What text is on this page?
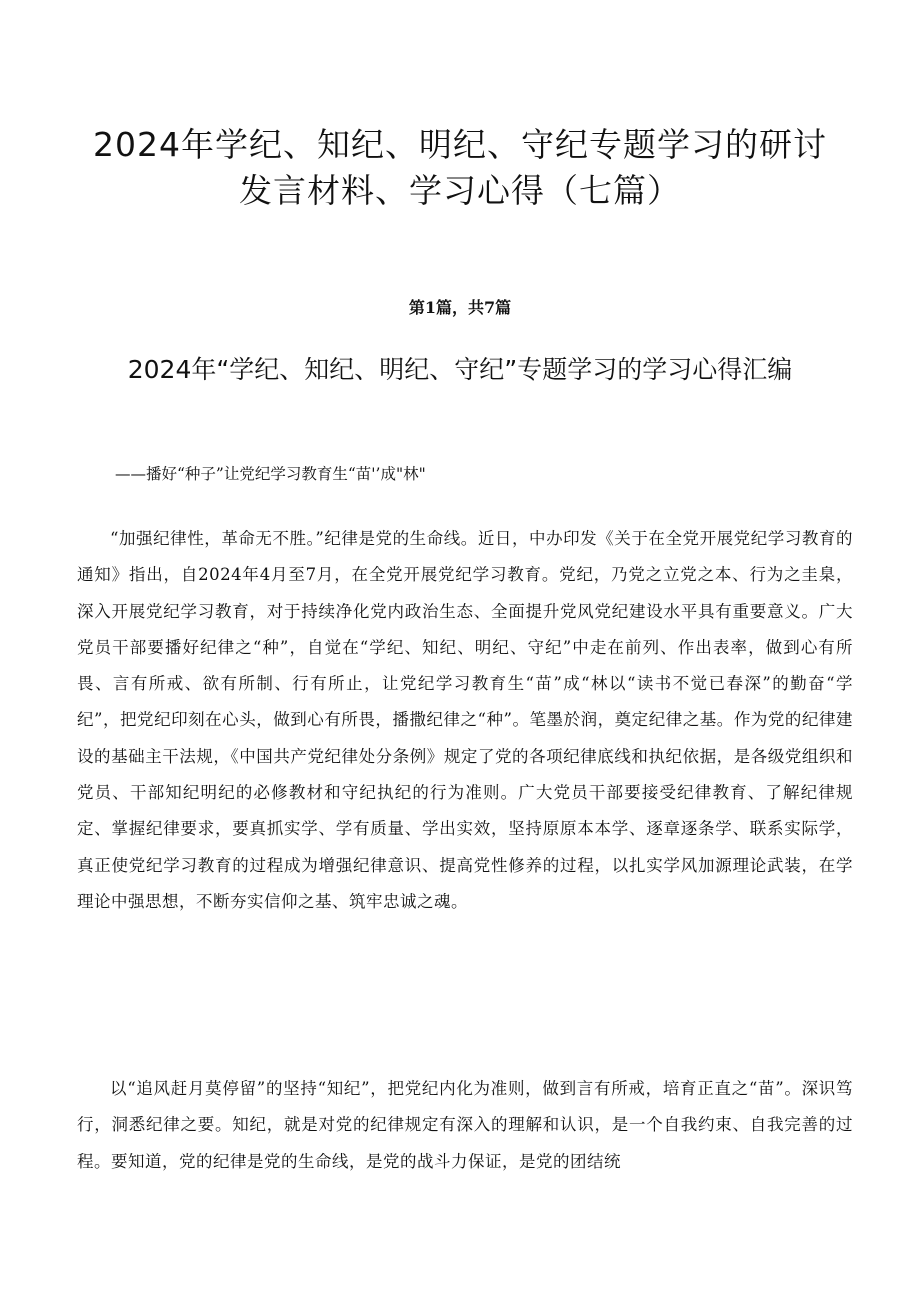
2024年学纪、知纪、明纪、守纪专题学习的研讨发言材料、学习心得（七篇）

第1篇，共7篇

2024年“学纪、知纪、明纪、守纪”专题学习的学习心得汇编

——播好“种子”让党纪学习教育生“苗'’成"林"

“加强纪律性，革命无不胜。”纪律是党的生命线。近日，中办印发《关于在全党开展党纪学习教育的通知》指出，自2024年4月至7月，在全党开展党纪学习教育。党纪，乃党之立党之本、行为之圭臬，深入开展党纪学习教育，对于持续净化党内政治生态、全面提升党风党纪建设水平具有重要意义。广大党员干部要播好纪律之“种”，自觉在“学纪、知纪、明纪、守纪”中走在前列、作出表率，做到心有所畏、言有所戒、欲有所制、行有所止，让党纪学习教育生“苗”成“林以“读书不觉已春深”的勤奋“学纪”，把党纪印刻在心头，做到心有所畏，播撒纪律之“种”。笔墨於润，奠定纪律之基。作为党的纪律建设的基础主干法规，《中国共产党纪律处分条例》规定了党的各项纪律底线和执纪依据，是各级党组织和党员、干部知纪明纪的必修教材和守纪执纪的行为准则。广大党员干部要接受纪律教育、了解纪律规定、掌握纪律要求，要真抓实学、学有质量、学出实效，坚持原原本本学、逐章逐条学、联系实际学，真正使党纪学习教育的过程成为增强纪律意识、提高党性修养的过程，以扎实学风加源理论武装，在学理论中强思想，不断夯实信仰之基、筑牢忠诚之魂。

以“追风赶月莫停留”的坚持“知纪”，把党纪内化为准则，做到言有所戒，培育正直之“苗”。深识笃行，洞悉纪律之要。知纪，就是对党的纪律规定有深入的理解和认识，是一个自我约束、自我完善的过程。要知道，党的纪律是党的生命线，是党的战斗力保证，是党的团结统
